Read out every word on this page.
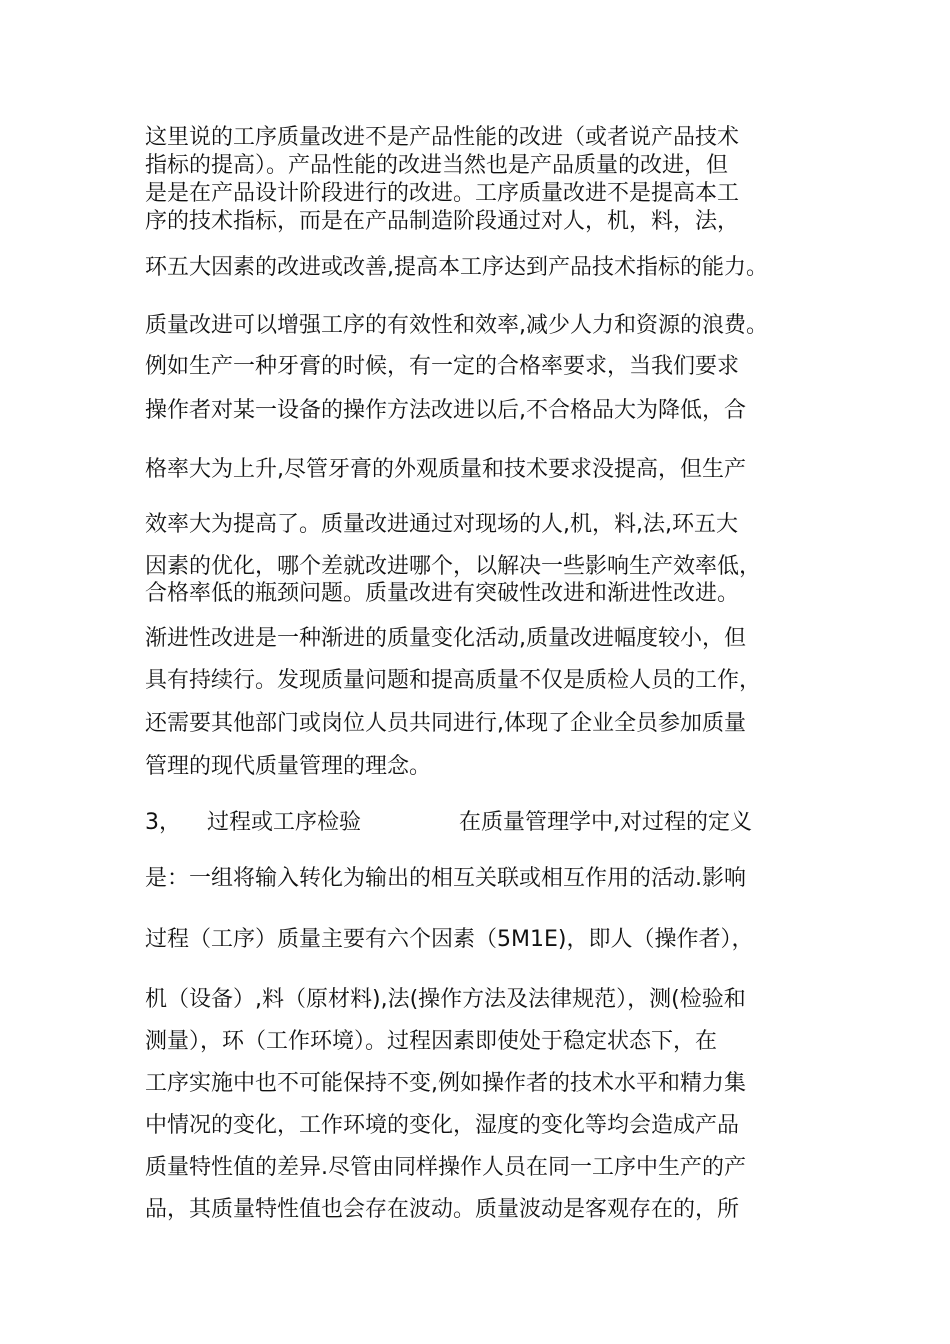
这里说的工序质量改进不是产品性能的改进（或者说产品技术
指标的提高）。产品性能的改进当然也是产品质量的改进，但
是是在产品设计阶段进行的改进。工序质量改进不是提高本工
序的技术指标，而是在产品制造阶段通过对人，机，料，法，
环五大因素的改进或改善,提高本工序达到产品技术指标的能力。
质量改进可以增强工序的有效性和效率,减少人力和资源的浪费。
例如生产一种牙膏的时候，有一定的合格率要求，当我们要求
操作者对某一设备的操作方法改进以后,不合格品大为降低，合
格率大为上升,尽管牙膏的外观质量和技术要求没提高，但生产
效率大为提高了。质量改进通过对现场的人,机，料,法,环五大
因素的优化，哪个差就改进哪个，以解决一些影响生产效率低，
合格率低的瓶颈问题。质量改进有突破性改进和渐进性改进。
渐进性改进是一种渐进的质量变化活动,质量改进幅度较小，但
具有持续行。发现质量问题和提高质量不仅是质检人员的工作，
还需要其他部门或岗位人员共同进行,体现了企业全员参加质量
管理的现代质量管理的理念。
3， 过程或工序检验	在质量管理学中,对过程的定义
是：一组将输入转化为输出的相互关联或相互作用的活动.影响
过程（工序）质量主要有六个因素（5M1E)，即人（操作者），
机（设备）,料（原材料),法(操作方法及法律规范），测(检验和
测量），环（工作环境）。过程因素即使处于稳定状态下，在
工序实施中也不可能保持不变,例如操作者的技术水平和精力集
中情况的变化，工作环境的变化，湿度的变化等均会造成产品
质量特性值的差异.尽管由同样操作人员在同一工序中生产的产
品，其质量特性值也会存在波动。质量波动是客观存在的，所
